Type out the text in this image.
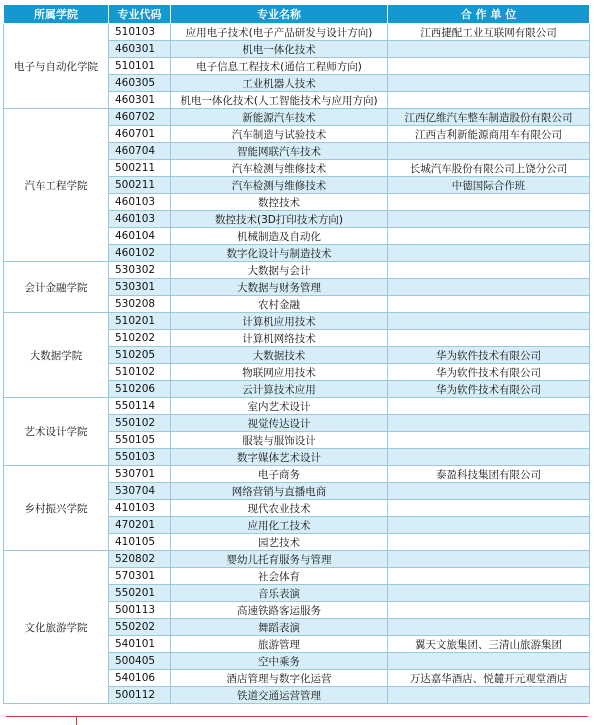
所属学院	专业代码	专业名称	合 作 单 位
电子与自动化学院	510103	应用电子技术(电子产品研发与设计方向)	江西捷配工业互联网有限公司
	460301	机电一体化技术	
	510101	电子信息工程技术(通信工程师方向)	
	460305	工业机器人技术	
	460301	机电一体化技术(人工智能技术与应用方向)	
汽车工程学院	460702	新能源汽车技术	江西亿维汽车整车制造股份有限公司
	460701	汽车制造与试验技术	江西吉利新能源商用车有限公司
	460704	智能网联汽车技术	
	500211	汽车检测与维修技术	长城汽车股份有限公司上饶分公司
	500211	汽车检测与维修技术	中德国际合作班
	460103	数控技术	
	460103	数控技术(3D打印技术方向)	
	460104	机械制造及自动化	
	460102	数字化设计与制造技术	
会计金融学院	530302	大数据与会计	
	530301	大数据与财务管理	
	530208	农村金融	
大数据学院	510201	计算机应用技术	
	510202	计算机网络技术	
	510205	大数据技术	华为软件技术有限公司
	510102	物联网应用技术	华为软件技术有限公司
	510206	云计算技术应用	华为软件技术有限公司
艺术设计学院	550114	室内艺术设计	
	550102	视觉传达设计	
	550105	服装与服饰设计	
	550103	数字媒体艺术设计	
乡村振兴学院	530701	电子商务	泰盈科技集团有限公司
	530704	网络营销与直播电商	
	410103	现代农业技术	
	470201	应用化工技术	
	410105	园艺技术	
文化旅游学院	520802	婴幼儿托育服务与管理	
	570301	社会体育	
	550201	音乐表演	
	500113	高速铁路客运服务	
	550202	舞蹈表演	
	540101	旅游管理	翼天文旅集团、三清山旅游集团
	500405	空中乘务	
	540106	酒店管理与数字化运营	万达嘉华酒店、悦麓开元观堂酒店
	500112	铁道交通运营管理	
